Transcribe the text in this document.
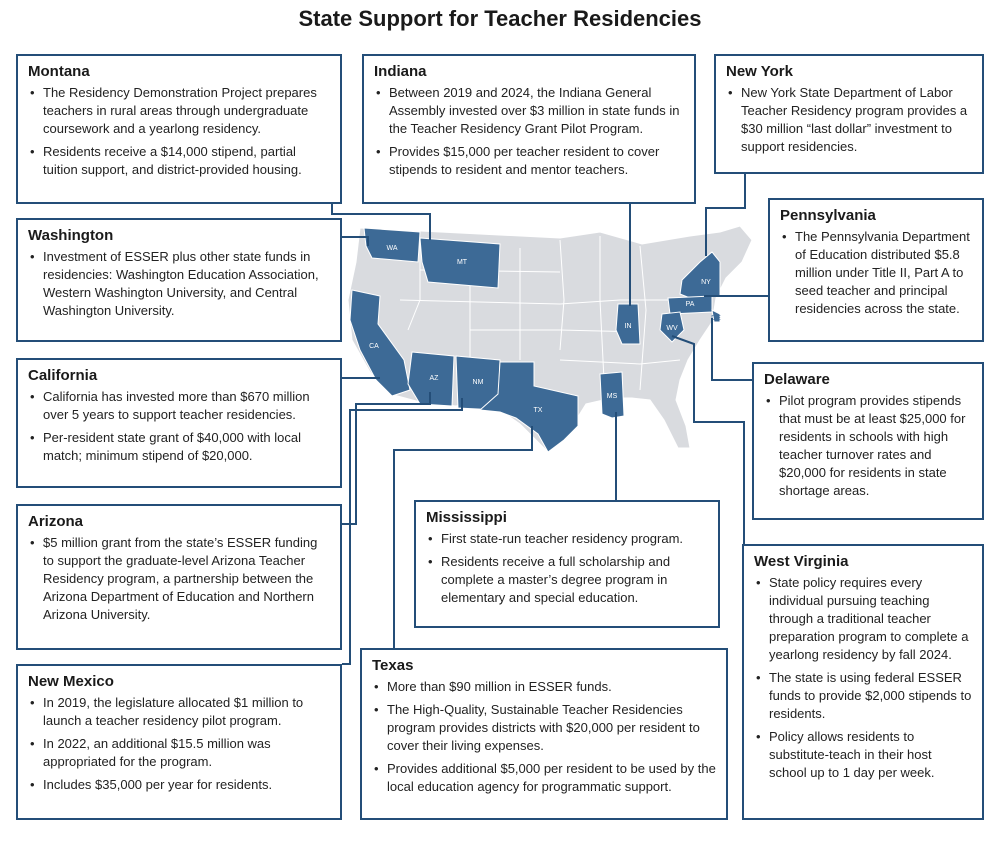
State Support for Teacher Residencies
WA
MT
CA
AZ
NM
TX
MS
IN
NY
PA
WV
DE
Montana
• The Residency Demonstration Project prepares teachers in rural areas through undergraduate coursework and a yearlong residency.
• Residents receive a $14,000 stipend, partial tuition support, and district-provided housing.
Indiana
• Between 2019 and 2024, the Indiana General Assembly invested over $3 million in state funds in the Teacher Residency Grant Pilot Program.
• Provides $15,000 per teacher resident to cover stipends to resident and mentor teachers.
New York
• New York State Department of Labor Teacher Residency program provides a $30 million “last dollar” investment to support residencies.
Washington
• Investment of ESSER plus other state funds in residencies: Washington Education Association, Western Washington University, and Central Washington University.
Pennsylvania
• The Pennsylvania Department of Education distributed $5.8 million under Title II, Part A to seed teacher and principal residencies across the state.
California
• California has invested more than $670 million over 5 years to support teacher residencies.
• Per-resident state grant of $40,000 with local match; minimum stipend of $20,000.
Delaware
• Pilot program provides stipends that must be at least $25,000 for residents in schools with high teacher turnover rates and $20,000 for residents in state shortage areas.
Arizona
• $5 million grant from the state’s ESSER funding to support the graduate-level Arizona Teacher Residency program, a partnership between the Arizona Department of Education and Northern Arizona University.
Mississippi
• First state-run teacher residency program.
• Residents receive a full scholarship and complete a master’s degree program in elementary and special education.
West Virginia
• State policy requires every individual pursuing teaching through a traditional teacher preparation program to complete a yearlong residency by fall 2024.
• The state is using federal ESSER funds to provide $2,000 stipends to residents.
• Policy allows residents to substitute-teach in their host school up to 1 day per week.
New Mexico
• In 2019, the legislature allocated $1 million to launch a teacher residency pilot program.
• In 2022, an additional $15.5 million was appropriated for the program.
• Includes $35,000 per year for residents.
Texas
• More than $90 million in ESSER funds.
• The High-Quality, Sustainable Teacher Residencies program provides districts with $20,000 per resident to cover their living expenses.
• Provides additional $5,000 per resident to be used by the local education agency for programmatic support.
